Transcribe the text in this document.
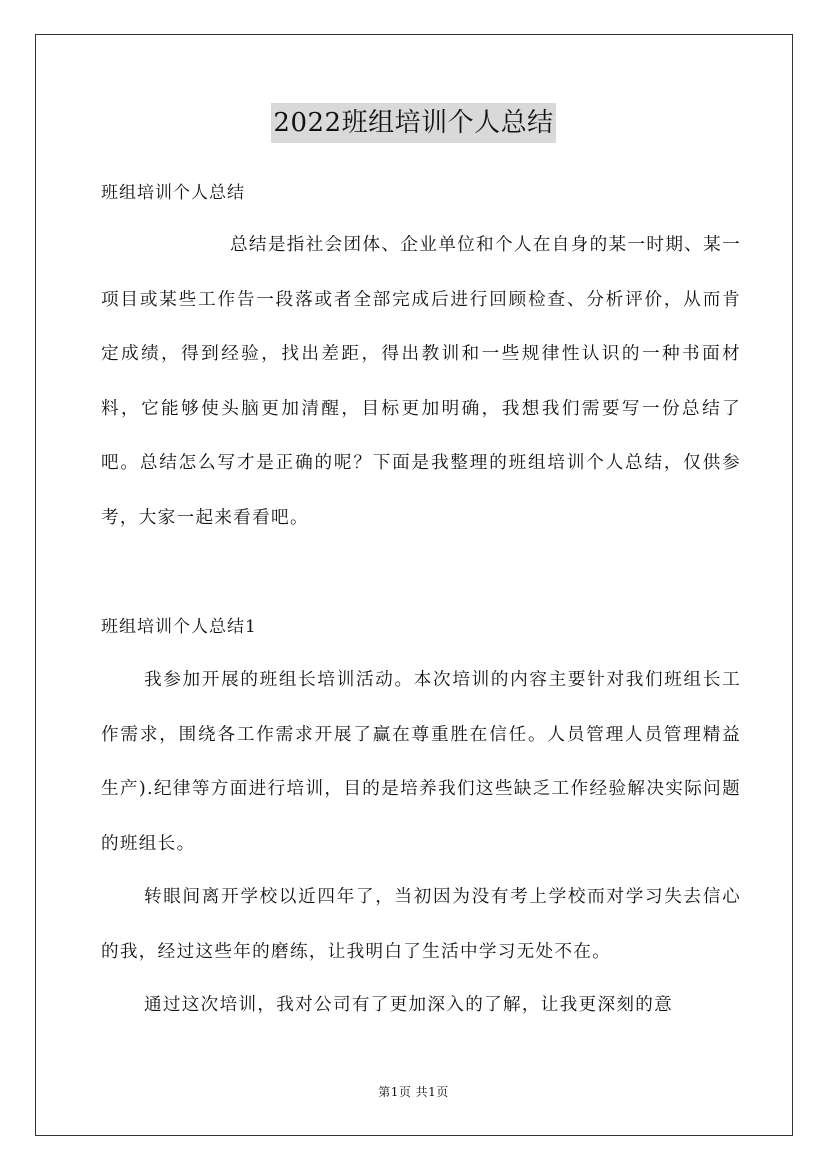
2022班组培训个人总结
班组培训个人总结

总结是指社会团体、企业单位和个人在自身的某一时期、某一项目或某些工作告一段落或者全部完成后进行回顾检查、分析评价，从而肯定成绩，得到经验，找出差距，得出教训和一些规律性认识的一种书面材料，它能够使头脑更加清醒，目标更加明确，我想我们需要写一份总结了吧。总结怎么写才是正确的呢？下面是我整理的班组培训个人总结，仅供参考，大家一起来看看吧。

班组培训个人总结1

我参加开展的班组长培训活动。本次培训的内容主要针对我们班组长工作需求，围绕各工作需求开展了赢在尊重胜在信任。人员管理人员管理精益生产).纪律等方面进行培训，目的是培养我们这些缺乏工作经验解决实际问题的班组长。

转眼间离开学校以近四年了，当初因为没有考上学校而对学习失去信心的我，经过这些年的磨练，让我明白了生活中学习无处不在。

通过这次培训，我对公司有了更加深入的了解，让我更深刻的意

第1页 共1页
